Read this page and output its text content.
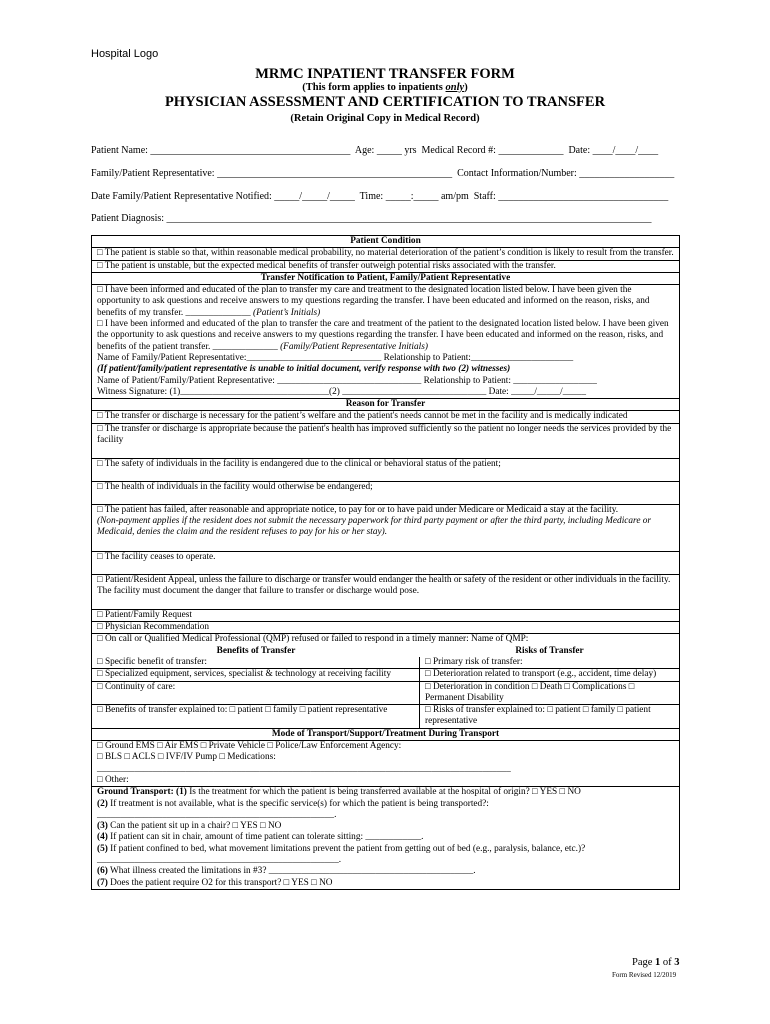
Hospital Logo
MRMC INPATIENT TRANSFER FORM
(This form applies to inpatients only)
PHYSICIAN ASSESSMENT AND CERTIFICATION TO TRANSFER
(Retain Original Copy in Medical Record)
Patient Name: ________________________________________  Age: _____ yrs  Medical Record #: _____________  Date: ____/____/____
Family/Patient Representative: _______________________________________________  Contact Information/Number: ___________________
Date Family/Patient Representative Notified: _____/_____/_____  Time: _____:_____ am/pm  Staff: __________________________________
Patient Diagnosis: _________________________________________________________________________________________________
Patient Condition
□ The patient is stable so that, within reasonable medical probability, no material deterioration of the patient’s condition is likely to result from the transfer.
□ The patient is unstable, but the expected medical benefits of transfer outweigh potential risks associated with the transfer.
Transfer Notification to Patient, Family/Patient Representative
□ I have been informed and educated of the plan to transfer my care and treatment to the designated location listed below. I have been given the opportunity to ask questions and receive answers to my questions regarding the transfer. I have been educated and informed on the reason, risks, and benefits of my transfer. ______________ (Patient’s Initials)
□ I have been informed and educated of the plan to transfer the care and treatment of the patient to the designated location listed below. I have been given the opportunity to ask questions and receive answers to my questions regarding the transfer. I have been educated and informed on the reason, risks, and benefits of the patient transfer. ______________ (Family/Patient Representative Initials)
Name of Family/Patient Representative:_____________________________ Relationship to Patient:______________________
(If patient/family/patient representative is unable to initial document, verify response with two (2) witnesses)
Name of Patient/Family/Patient Representative: _______________________________ Relationship to Patient: __________________
Witness Signature: (1)________________________________(2) _______________________________ Date: _____/_____/_____
Reason for Transfer
□ The transfer or discharge is necessary for the patient’s welfare and the patient's needs cannot be met in the facility and is medically indicated
□ The transfer or discharge is appropriate because the patient's health has improved sufficiently so the patient no longer needs the services provided by the facility
□ The safety of individuals in the facility is endangered due to the clinical or behavioral status of the patient;
□ The health of individuals in the facility would otherwise be endangered;
□ The patient has failed, after reasonable and appropriate notice, to pay for or to have paid under Medicare or Medicaid a stay at the facility.
(Non-payment applies if the resident does not submit the necessary paperwork for third party payment or after the third party, including Medicare or Medicaid, denies the claim and the resident refuses to pay for his or her stay).
□ The facility ceases to operate.
□ Patient/Resident Appeal, unless the failure to discharge or transfer would endanger the health or safety of the resident or other individuals in the facility. The facility must document the danger that failure to transfer or discharge would pose.
□ Patient/Family Request
□ Physician Recommendation
□ On call or Qualified Medical Professional (QMP) refused or failed to respond in a timely manner: Name of QMP:
Benefits of Transfer	Risks of Transfer
□ Specific benefit of transfer:	□ Primary risk of transfer:
□ Specialized equipment, services, specialist & technology at receiving facility	□ Deterioration related to transport (e.g., accident, time delay)
□ Continuity of care:	□ Deterioration in condition □ Death □ Complications □ Permanent Disability
□ Benefits of transfer explained to: □ patient □ family □ patient representative	□ Risks of transfer explained to: □ patient □ family □ patient representative
Mode of Transport/Support/Treatment During Transport
□ Ground EMS □ Air EMS □ Private Vehicle □ Police/Law Enforcement Agency:
□ BLS □ ACLS □ IVF/IV Pump □ Medications:
_________________________________________________________________________________________
□ Other:
Ground Transport: (1) Is the treatment for which the patient is being transferred available at the hospital of origin? □ YES □ NO
(2) If treatment is not available, what is the specific service(s) for which the patient is being transported?:
___________________________________________________.
(3) Can the patient sit up in a chair? □ YES □ NO
(4) If patient can sit in chair, amount of time patient can tolerate sitting: ____________.
(5) If patient confined to bed, what movement limitations prevent the patient from getting out of bed (e.g., paralysis, balance, etc.)?____________________________________________________.
(6) What illness created the limitations in #3? ____________________________________________.
(7) Does the patient require O2 for this transport? □ YES □ NO
Page 1 of 3
Form Revised 12/2019
